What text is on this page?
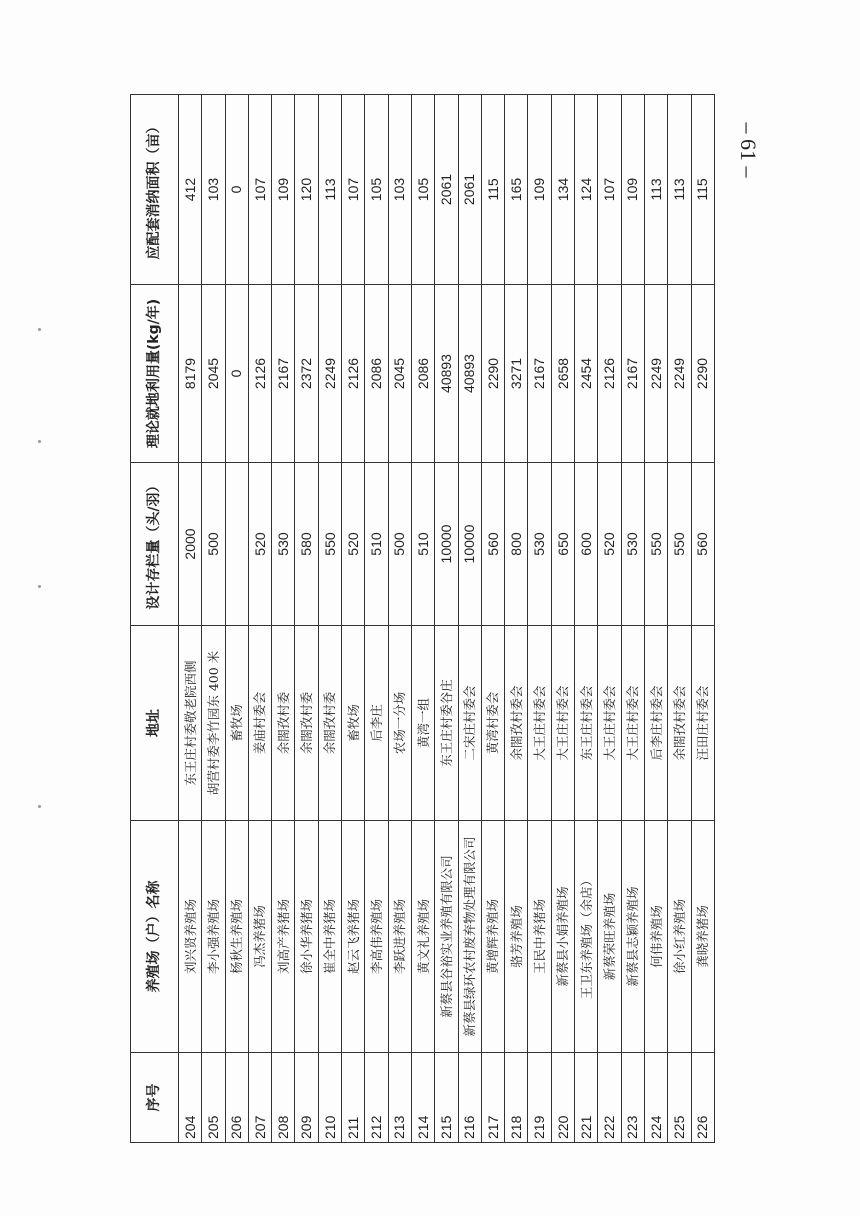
– 61 –
序号	养殖场（户）名称	地址	设计存栏量（头/羽）	理论就地利用量(kg/年)	应配套消纳面积（亩）
204	刘兴贤养殖场	东王庄村委敬老院西侧	2000	8179	412
205	李小强养殖场	胡营村委李竹园东 400 米	500	2045	103
206	杨秋生养殖场	畜牧场		0	0
207	冯杰养猪场	姜庙村委会	520	2126	107
208	刘高产养猪场	余閤孜村委	530	2167	109
209	徐小华养猪场	余閤孜村委	580	2372	120
210	崔全中养猪场	余閤孜村委	550	2249	113
211	赵云飞养猪场	畜牧场	520	2126	107
212	李高伟养殖场	后李庄	510	2086	105
213	李跃进养殖场	农场一分场	500	2045	103
214	黄文礼养殖场	黄湾一组	510	2086	105
215	新蔡县谷裕实业养殖有限公司	东王庄村委谷庄	10000	40893	2061
216	新蔡县绿环农村废弃物处理有限公司	二宋庄村委会	10000	40893	2061
217	黄增辉养殖场	黄湾村委会	560	2290	115
218	骆芳养殖场	余閤孜村委会	800	3271	165
219	王民中养猪场	大王庄村委会	530	2167	109
220	新蔡县小娟养殖场	大王庄村委会	650	2658	134
221	王卫东养殖场（余店）	东王庄村委会	600	2454	124
222	新蔡荣旺养殖场	大王庄村委会	520	2126	107
223	新蔡县志颖养殖场	大王庄村委会	530	2167	109
224	何伟养殖场	后李庄村委会	550	2249	113
225	徐小红养殖场	余閤孜村委会	550	2249	113
226	龚晓养猪场	汪田庄村委会	560	2290	115
